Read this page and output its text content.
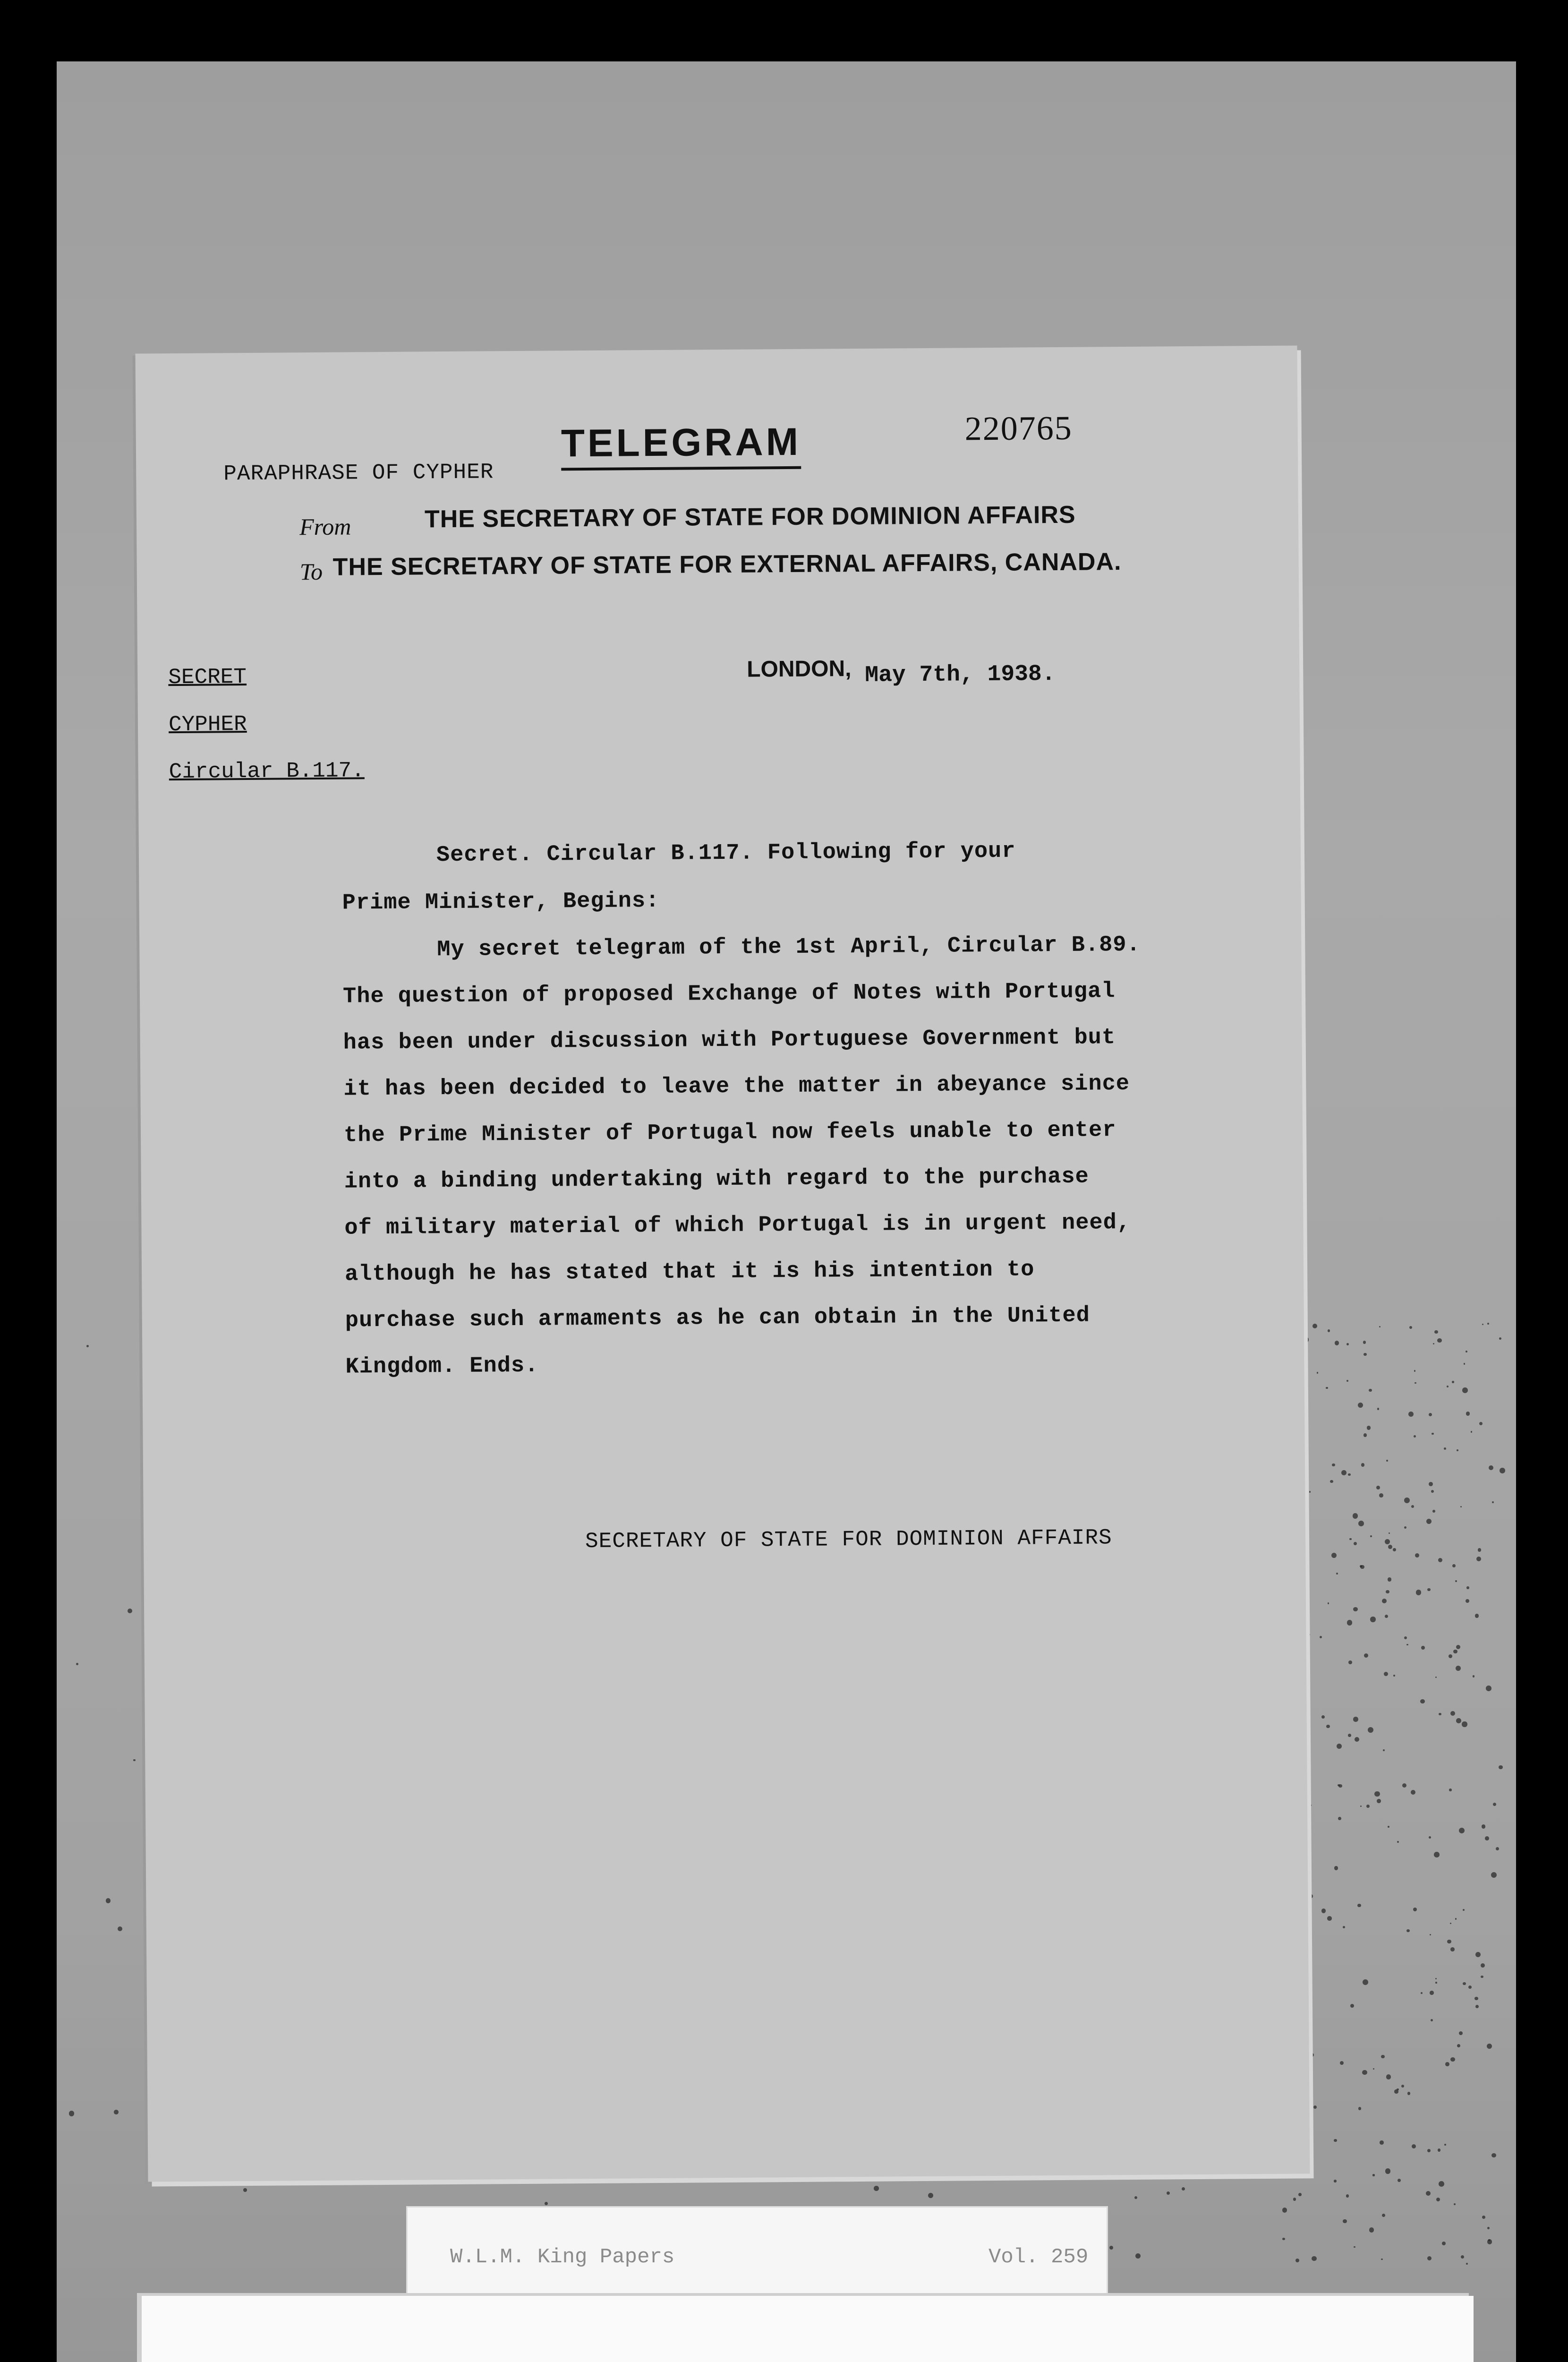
PARAPHRASE OF CYPHER
TELEGRAM	220765
From	THE SECRETARY OF STATE FOR DOMINION AFFAIRS
To THE SECRETARY OF STATE FOR EXTERNAL AFFAIRS, CANADA.
SECRET
CYPHER
Circular B.117.
LONDON, May 7th, 1938.
Secret. Circular B.117. Following for your
Prime Minister, Begins:
My secret telegram of the 1st April, Circular B.89.
The question of proposed Exchange of Notes with Portugal
has been under discussion with Portuguese Government but
it has been decided to leave the matter in abeyance since
the Prime Minister of Portugal now feels unable to enter
into a binding undertaking with regard to the purchase
of military material of which Portugal is in urgent need,
although he has stated that it is his intention to
purchase such armaments as he can obtain in the United
Kingdom. Ends.
SECRETARY OF STATE FOR DOMINION AFFAIRS
W.L.M. King Papers	Vol. 259
